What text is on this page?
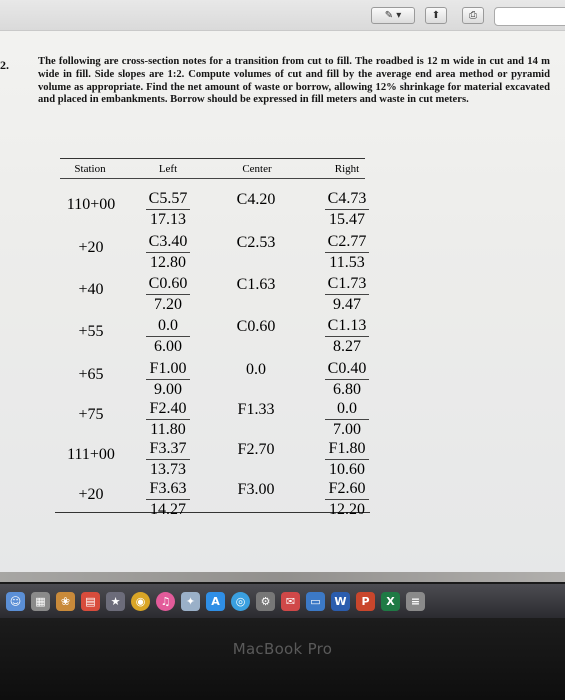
✎ ▾	⬆	⎙
2.	The following are cross-section notes for a transition from cut to fill. The roadbed is 12 m wide in cut and 14 m wide in fill. Side slopes are 1:2. Compute volumes of cut and fill by the average end area method or pyramid volume as appropriate. Find the net amount of waste or borrow, allowing 12% shrinkage for material excavated and placed in embankments. Borrow should be expressed in fill meters and waste in cut meters.

Station	Left	Center	Right
110+00	$\frac{C5.57}{17.13}$	C4.20	$\frac{C4.73}{15.47}$
+20	$\frac{C3.40}{12.80}$	C2.53	$\frac{C2.77}{11.53}$
+40	$\frac{C0.60}{7.20}$	C1.63	$\frac{C1.73}{9.47}$
+55	$\frac{0.0}{6.00}$	C0.60	$\frac{C1.13}{8.27}$
+65	$\frac{F1.00}{9.00}$	0.0	$\frac{C0.40}{6.80}$
+75	$\frac{F2.40}{11.80}$	F1.33	$\frac{0.0}{7.00}$
111+00	$\frac{F3.37}{13.73}$	F2.70	$\frac{F1.80}{10.60}$
+20	$\frac{F3.63}{14.27}$	F3.00	$\frac{F2.60}{12.20}$
☺	▦	❀	▤	★	◉	♫	✦	A	◎	⚙	✉	▭	W	P	X	≡
MacBook Pro
